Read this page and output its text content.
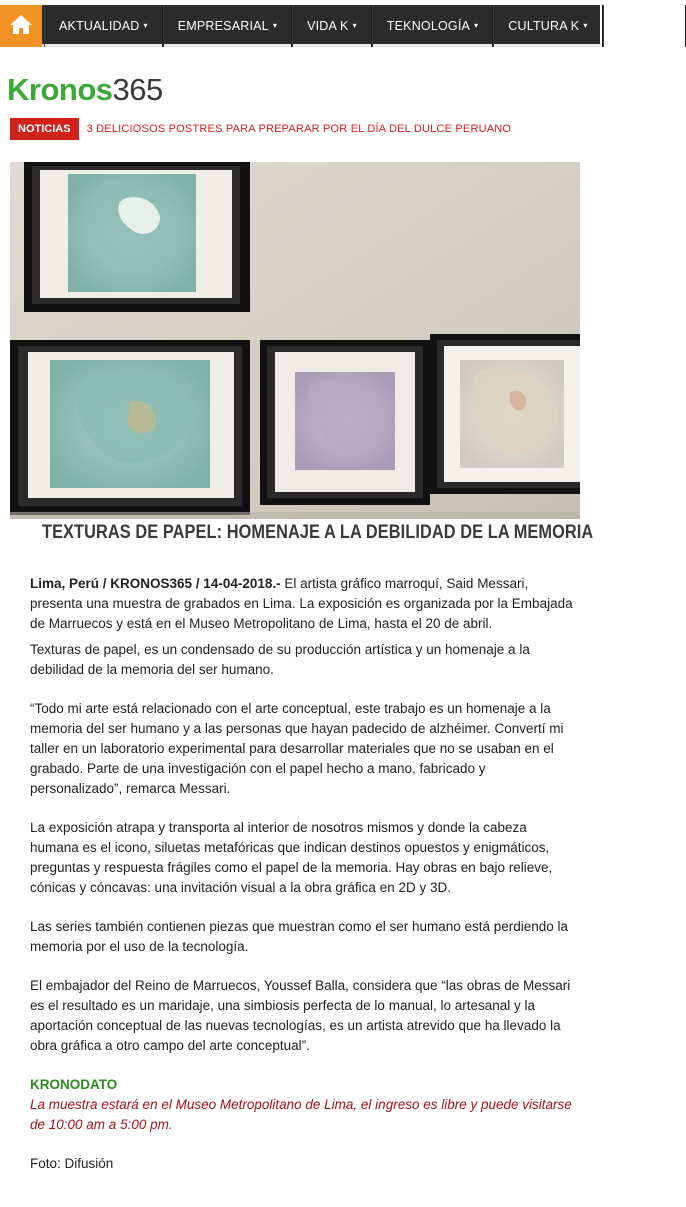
AKTUALIDAD ▾	EMPRESARIAL ▾	VIDA K ▾	TEKNOLOGÍA ▾	CULTURA K ▾	EDUKAC
Kronos365
NOTICIAS	3 DELICIOSOS POSTRES PARA PREPARAR POR EL DÍA DEL DULCE PERUANO
TEXTURAS DE PAPEL: HOMENAJE A LA DEBILIDAD DE LA MEMORIA

Lima, Perú / KRONOS365 / 14-04-2018.- El artista gráfico marroquí, Said Messari, presenta una muestra de grabados en Lima. La exposición es organizada por la Embajada de Marruecos y está en el Museo Metropolitano de Lima, hasta el 20 de abril.

Texturas de papel, es un condensado de su producción artística y un homenaje a la debilidad de la memoria del ser humano.

“Todo mi arte está relacionado con el arte conceptual, este trabajo es un homenaje a la memoria del ser humano y a las personas que hayan padecido de alzhéimer. Convertí mi taller en un laboratorio experimental para desarrollar materiales que no se usaban en el grabado. Parte de una investigación con el papel hecho a mano, fabricado y personalizado”, remarca Messari.

La exposición atrapa y transporta al interior de nosotros mismos y donde la cabeza humana es el icono, siluetas metafóricas que indican destinos opuestos y enigmáticos, preguntas y respuesta frágiles como el papel de la memoria. Hay obras en bajo relieve, cónicas y cóncavas: una invitación visual a la obra gráfica en 2D y 3D.

Las series también contienen piezas que muestran como el ser humano está perdiendo la memoria por el uso de la tecnología.

El embajador del Reino de Marruecos, Youssef Balla, considera que “las obras de Messari es el resultado es un maridaje, una simbiosis perfecta de lo manual, lo artesanal y la aportación conceptual de las nuevas tecnologías, es un artista atrevido que ha llevado la obra gráfica a otro campo del arte conceptual”.

KRONODATO

La muestra estará en el Museo Metropolitano de Lima, el ingreso es libre y puede visitarse de 10:00 am a 5:00 pm.

Foto: Difusión
